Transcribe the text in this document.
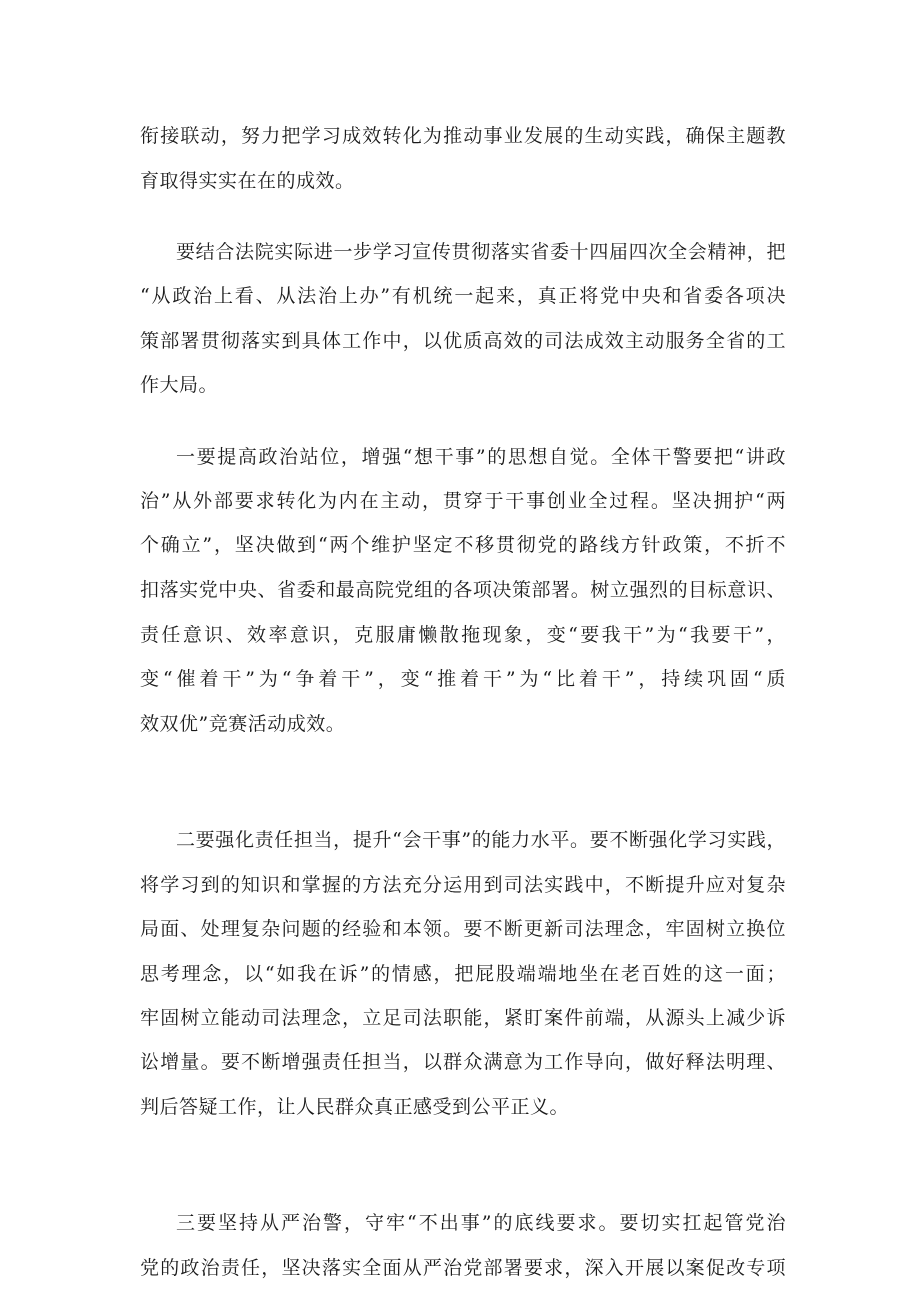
衔接联动，努力把学习成效转化为推动事业发展的生动实践，确保主题教
育取得实实在在的成效。
要结合法院实际进一步学习宣传贯彻落实省委十四届四次全会精神，把
“从政治上看、从法治上办”有机统一起来，真正将党中央和省委各项决
策部署贯彻落实到具体工作中，以优质高效的司法成效主动服务全省的工
作大局。
一要提高政治站位，增强“想干事”的思想自觉。全体干警要把“讲政
治”从外部要求转化为内在主动，贯穿于干事创业全过程。坚决拥护“两
个确立”，坚决做到“两个维护坚定不移贯彻党的路线方针政策，不折不
扣落实党中央、省委和最高院党组的各项决策部署。树立强烈的目标意识、
责任意识、效率意识，克服庸懒散拖现象，变“要我干”为“我要干”，
变“催着干”为“争着干”，变“推着干”为“比着干”，持续巩固“质
效双优”竞赛活动成效。
二要强化责任担当，提升“会干事”的能力水平。要不断强化学习实践，
将学习到的知识和掌握的方法充分运用到司法实践中，不断提升应对复杂
局面、处理复杂问题的经验和本领。要不断更新司法理念，牢固树立换位
思考理念，以“如我在诉”的情感，把屁股端端地坐在老百姓的这一面；
牢固树立能动司法理念，立足司法职能，紧盯案件前端，从源头上减少诉
讼增量。要不断增强责任担当，以群众满意为工作导向，做好释法明理、
判后答疑工作，让人民群众真正感受到公平正义。
三要坚持从严治警，守牢“不出事”的底线要求。要切实扛起管党治
党的政治责任，坚决落实全面从严治党部署要求，深入开展以案促改专项
